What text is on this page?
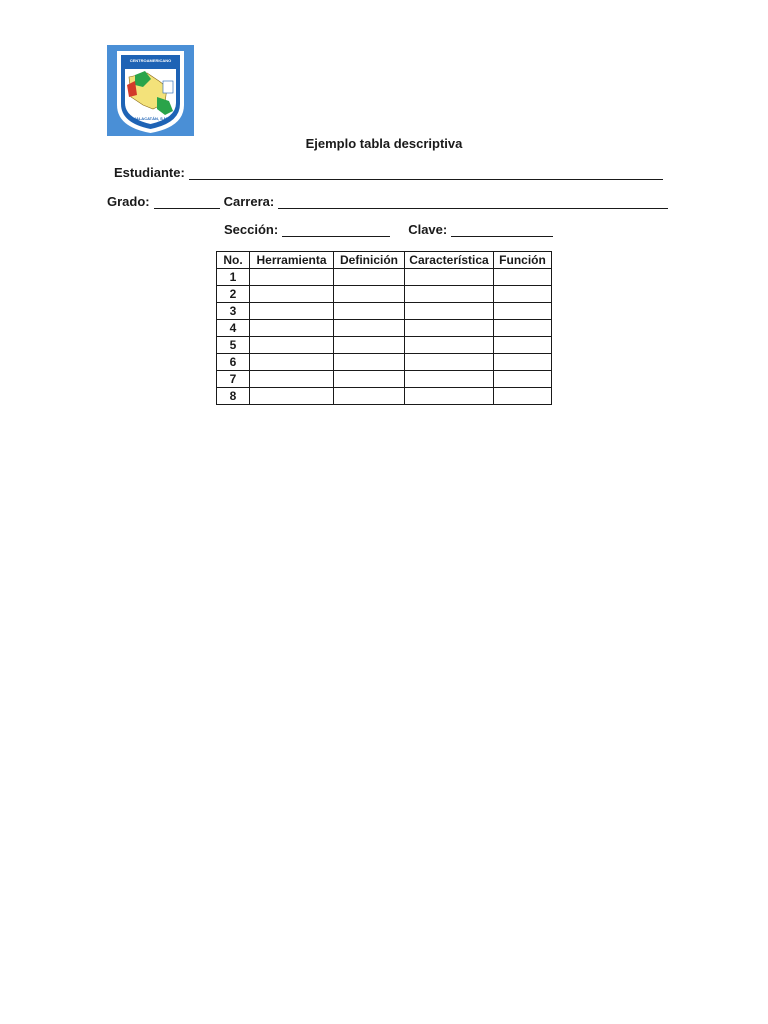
CENTROAMERICANO
MALACATÁN, S.M.
Ejemplo tabla descriptiva
Estudiante:
Grado:	Carrera:
Sección:	Clave:
No.	Herramienta	Definición	Característica	Función
1				
2				
3				
4				
5				
6				
7				
8				
